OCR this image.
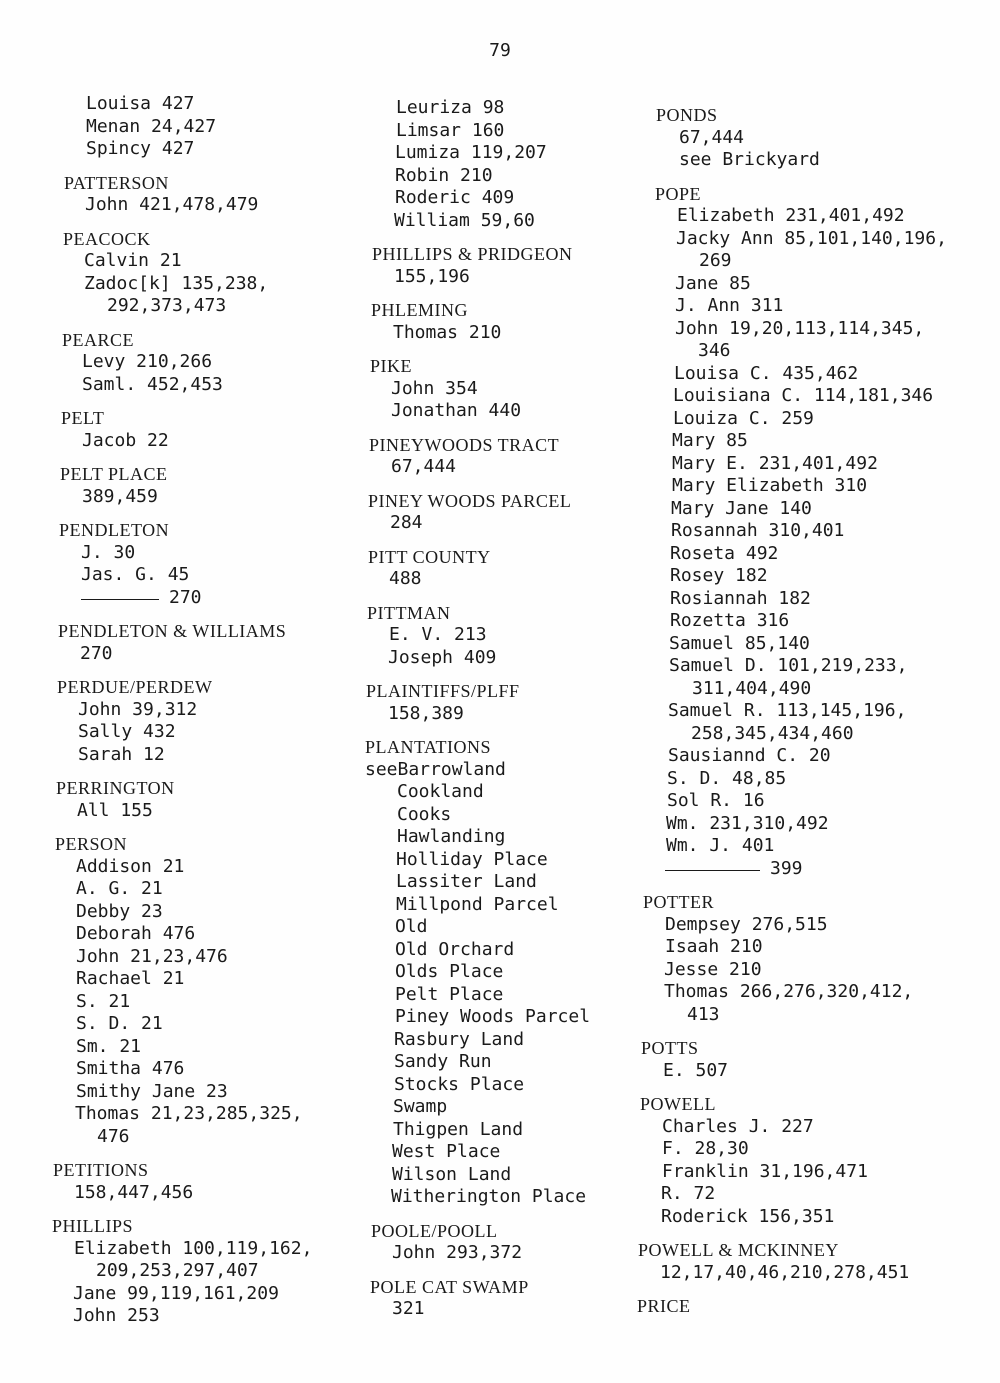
79
Louisa 427
Menan 24,427
Spincy 427
PATTERSON
John 421,478,479
PEACOCK
Calvin 21
Zadoc[k] 135,238,
292,373,473
PEARCE
Levy 210,266
Saml. 452,453
PELT
Jacob 22
PELT PLACE
389,459
PENDLETON
J. 30
Jas. G. 45
270
PENDLETON & WILLIAMS
270
PERDUE/PERDEW
John 39,312
Sally 432
Sarah 12
PERRINGTON
All 155
PERSON
Addison 21
A. G. 21
Debby 23
Deborah 476
John 21,23,476
Rachael 21
S. 21
S. D. 21
Sm. 21
Smitha 476
Smithy Jane 23
Thomas 21,23,285,325,
476
PETITIONS
158,447,456
PHILLIPS
Elizabeth 100,119,162,
209,253,297,407
Jane 99,119,161,209
John 253
Leuriza 98
Limsar 160
Lumiza 119,207
Robin 210
Roderic 409
William 59,60
PHILLIPS & PRIDGEON
155,196
PHLEMING
Thomas 210
PIKE
John 354
Jonathan 440
PINEYWOODS TRACT
67,444
PINEY WOODS PARCEL
284
PITT COUNTY
488
PITTMAN
E. V. 213
Joseph 409
PLAINTIFFS/PLFF
158,389
PLANTATIONS
seeBarrowland
Cookland
Cooks
Hawlanding
Holliday Place
Lassiter Land
Millpond Parcel
Old
Old Orchard
Olds Place
Pelt Place
Piney Woods Parcel
Rasbury Land
Sandy Run
Stocks Place
Swamp
Thigpen Land
West Place
Wilson Land
Witherington Place
POOLE/POOLL
John 293,372
POLE CAT SWAMP
321
PONDS
67,444
see Brickyard
POPE
Elizabeth 231,401,492
Jacky Ann 85,101,140,196,
269
Jane 85
J. Ann 311
John 19,20,113,114,345,
346
Louisa C. 435,462
Louisiana C. 114,181,346
Louiza C. 259
Mary 85
Mary E. 231,401,492
Mary Elizabeth 310
Mary Jane 140
Rosannah 310,401
Roseta 492
Rosey 182
Rosiannah 182
Rozetta 316
Samuel 85,140
Samuel D. 101,219,233,
311,404,490
Samuel R. 113,145,196,
258,345,434,460
Sausiannd C. 20
S. D. 48,85
Sol R. 16
Wm. 231,310,492
Wm. J. 401
399
POTTER
Dempsey 276,515
Isaah 210
Jesse 210
Thomas 266,276,320,412,
413
POTTS
E. 507
POWELL
Charles J. 227
F. 28,30
Franklin 31,196,471
R. 72
Roderick 156,351
POWELL & MCKINNEY
12,17,40,46,210,278,451
PRICE
